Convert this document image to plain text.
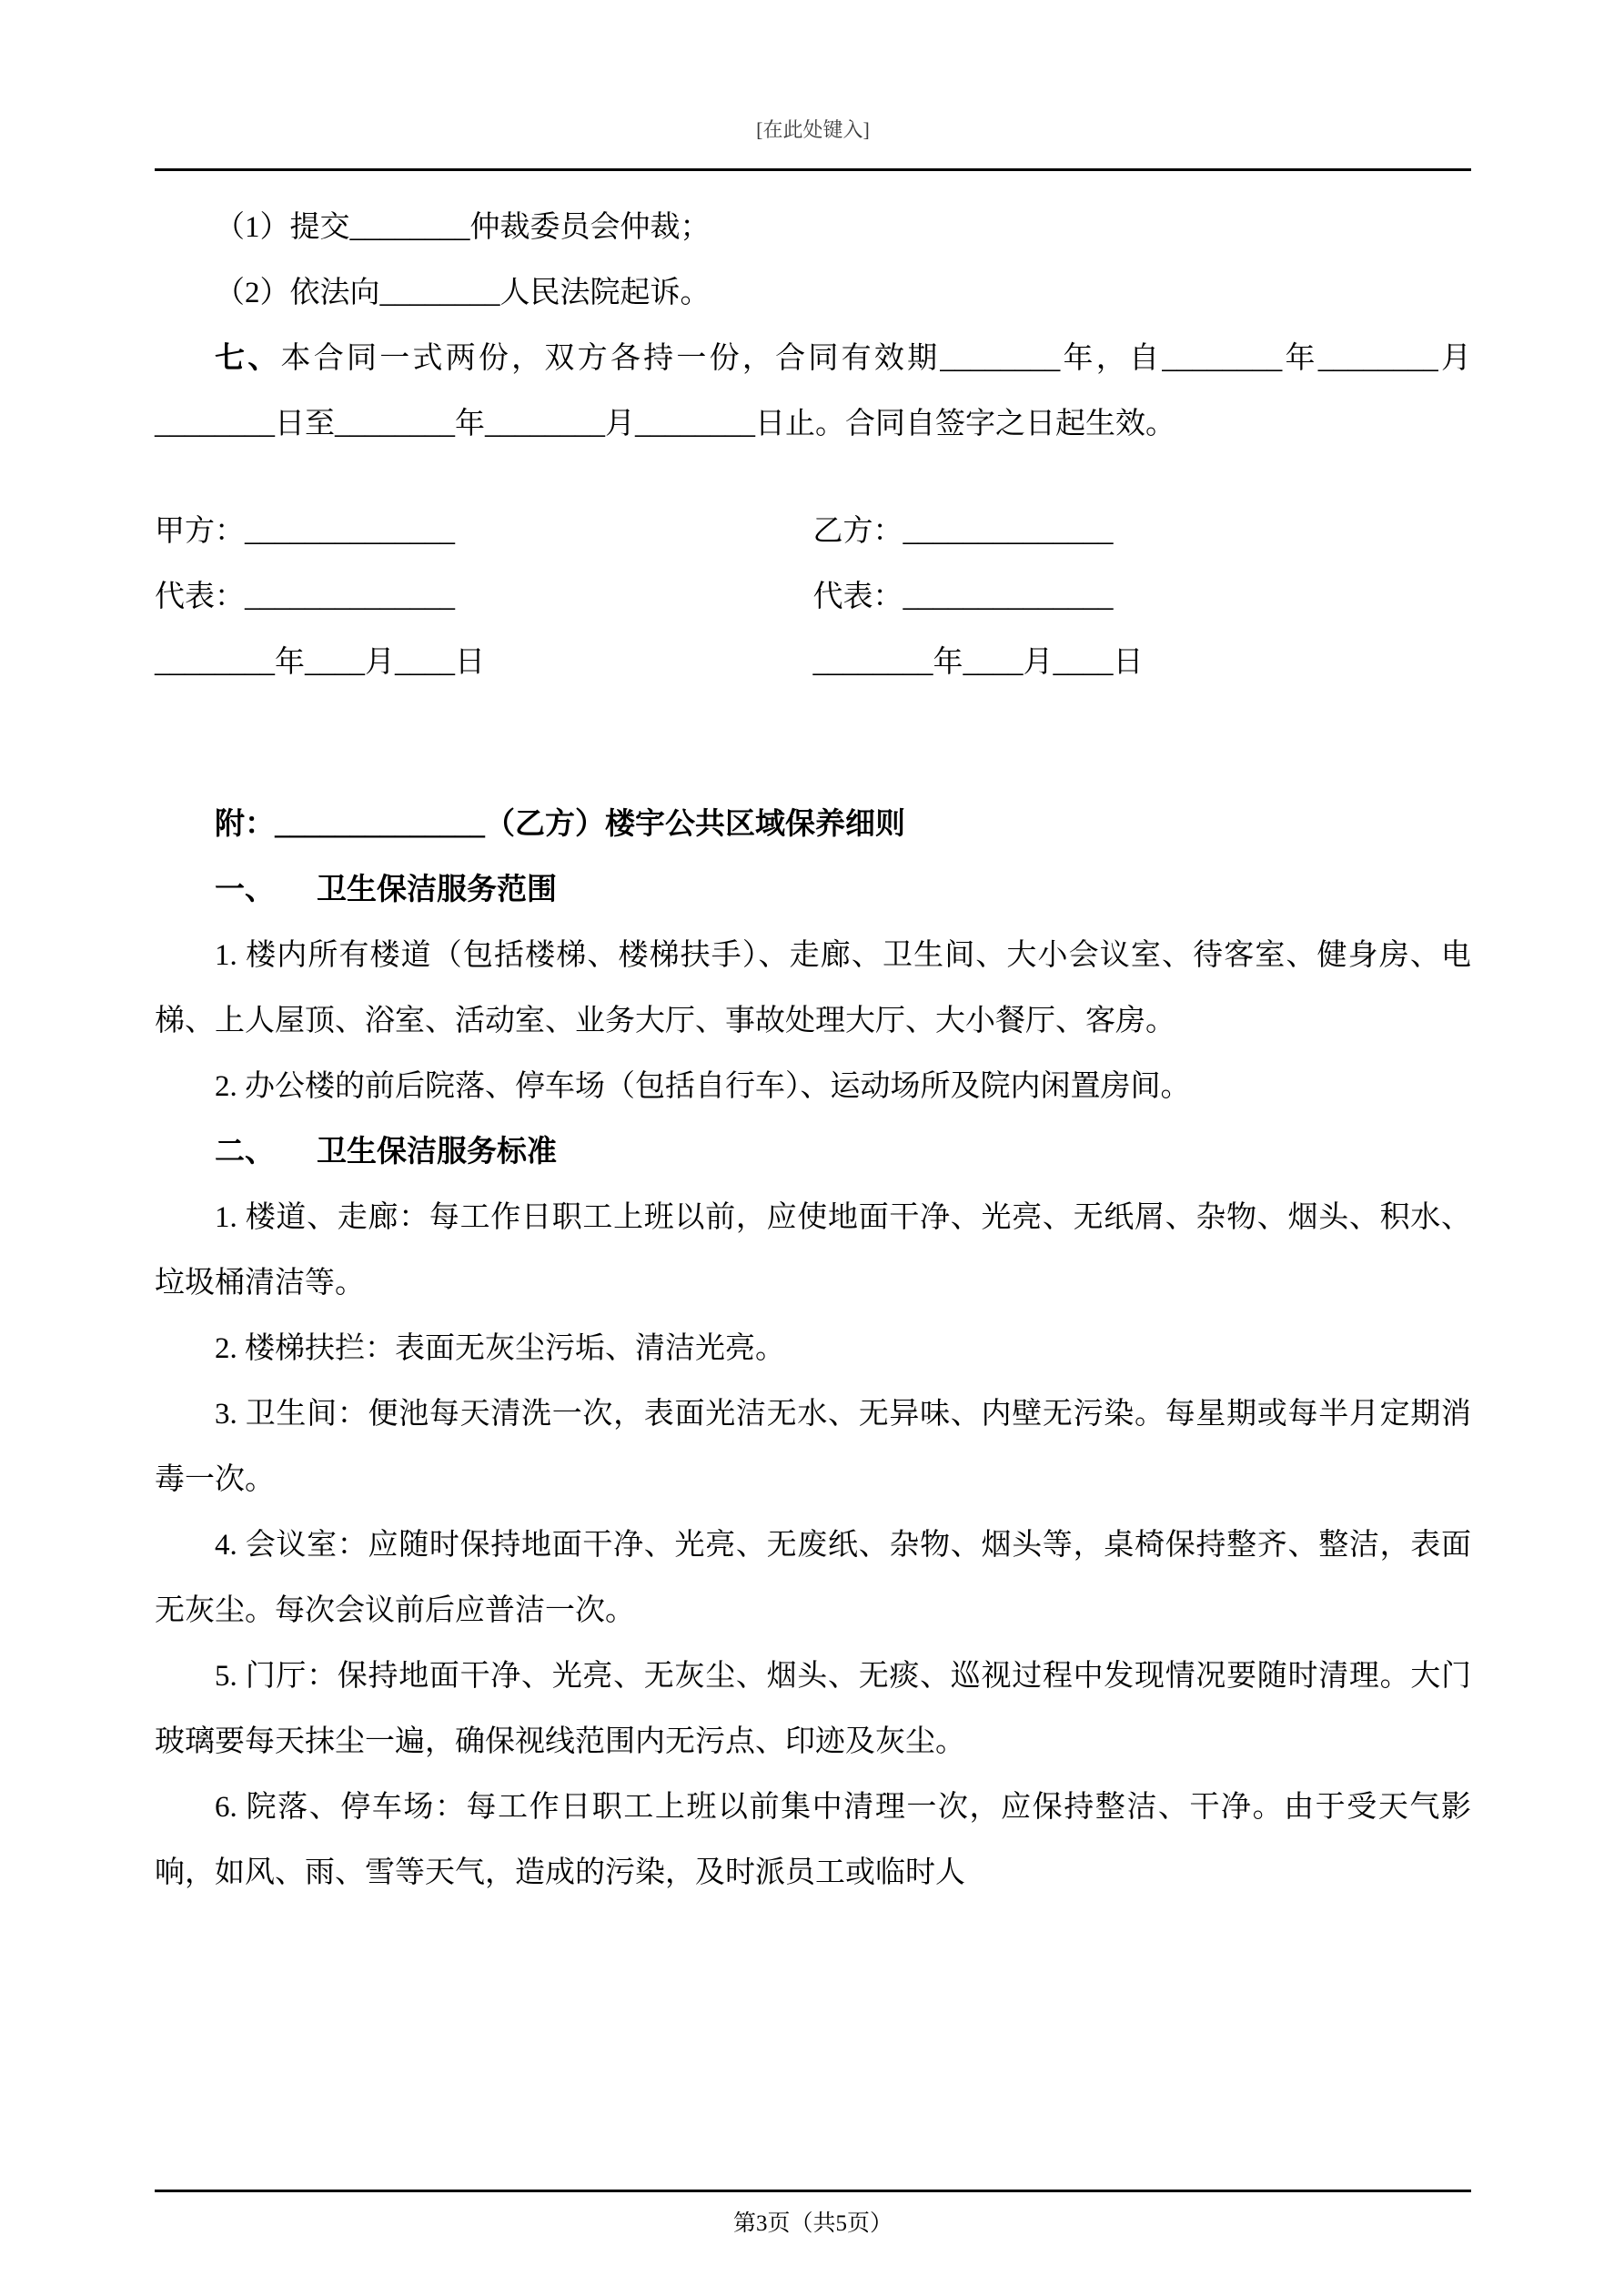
[在此处键入]

（1）提交________仲裁委员会仲裁；

（2）依法向________人民法院起诉。

七、本合同一式两份，双方各持一份，合同有效期________年，自________年________月________日至________年________月________日止。合同自签字之日起生效。

甲方：______________	乙方：______________
代表：______________	代表：______________
________年____月____日	________年____月____日

附：______________（乙方）楼宇公共区域保养细则

一、 卫生保洁服务范围

1. 楼内所有楼道（包括楼梯、楼梯扶手）、走廊、卫生间、大小会议室、待客室、健身房、电梯、上人屋顶、浴室、活动室、业务大厅、事故处理大厅、大小餐厅、客房。

2. 办公楼的前后院落、停车场（包括自行车）、运动场所及院内闲置房间。

二、 卫生保洁服务标准

1. 楼道、走廊：每工作日职工上班以前，应使地面干净、光亮、无纸屑、杂物、烟头、积水、垃圾桶清洁等。

2. 楼梯扶拦：表面无灰尘污垢、清洁光亮。

3. 卫生间：便池每天清洗一次，表面光洁无水、无异味、内壁无污染。每星期或每半月定期消毒一次。

4. 会议室：应随时保持地面干净、光亮、无废纸、杂物、烟头等，桌椅保持整齐、整洁，表面无灰尘。每次会议前后应普洁一次。

5. 门厅：保持地面干净、光亮、无灰尘、烟头、无痰、巡视过程中发现情况要随时清理。大门玻璃要每天抹尘一遍，确保视线范围内无污点、印迹及灰尘。

6. 院落、停车场：每工作日职工上班以前集中清理一次，应保持整洁、干净。由于受天气影响，如风、雨、雪等天气，造成的污染，及时派员工或临时人

第3页（共5页）
